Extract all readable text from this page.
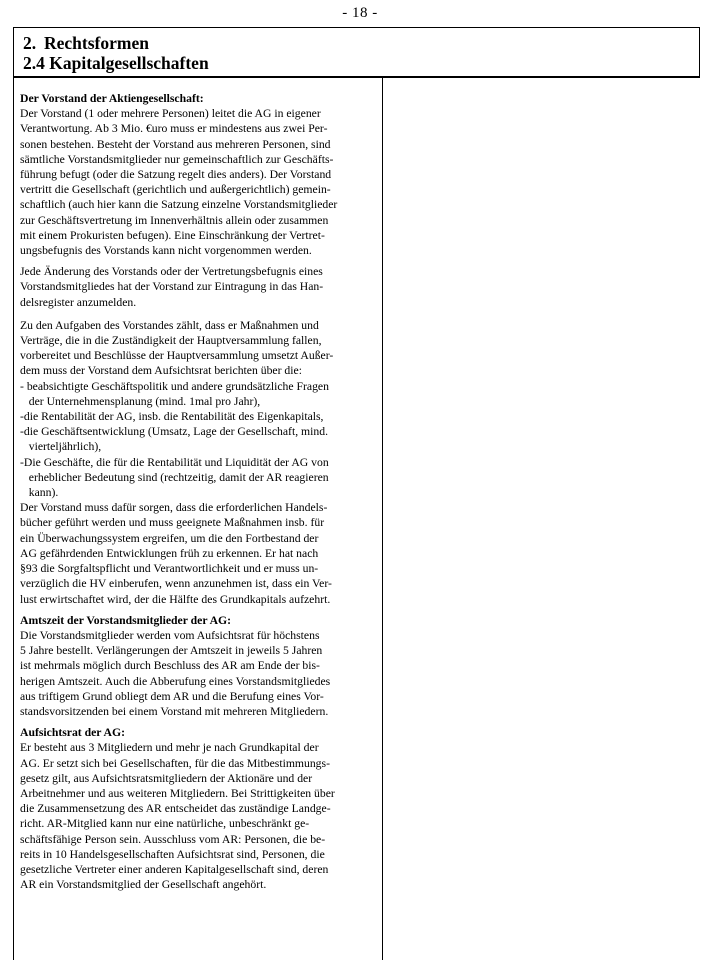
- 18 -
2. Rechtsformen
2.4 Kapitalgesellschaften
Der Vorstand der Aktiengesellschaft:
Der Vorstand (1 oder mehrere Personen) leitet die AG in eigener
Verantwortung. Ab 3 Mio. €uro muss er mindestens aus zwei Per-
sonen bestehen. Besteht der Vorstand aus mehreren Personen, sind
sämtliche Vorstandsmitglieder nur gemeinschaftlich zur Geschäfts-
führung befugt (oder die Satzung regelt dies anders). Der Vorstand
vertritt die Gesellschaft (gerichtlich und außergerichtlich) gemein-
schaftlich (auch hier kann die Satzung einzelne Vorstandsmitglieder
zur Geschäftsvertretung im Innenverhältnis allein oder zusammen
mit einem Prokuristen befugen). Eine Einschränkung der Vertret-
ungsbefugnis des Vorstands kann nicht vorgenommen werden.
Jede Änderung des Vorstands oder der Vertretungsbefugnis eines
Vorstandsmitgliedes hat der Vorstand zur Eintragung in das Han-
delsregister anzumelden.
Zu den Aufgaben des Vorstandes zählt, dass er Maßnahmen und
Verträge, die in die Zuständigkeit der Hauptversammlung fallen,
vorbereitet und Beschlüsse der Hauptversammlung umsetzt Außer-
dem muss der Vorstand dem Aufsichtsrat berichten über die:
- beabsichtigte Geschäftspolitik und andere grundsätzliche Fragen
der Unternehmensplanung (mind. 1mal pro Jahr),
-die Rentabilität der AG, insb. die Rentabilität des Eigenkapitals,
-die Geschäftsentwicklung (Umsatz, Lage der Gesellschaft, mind.
vierteljährlich),
-Die Geschäfte, die für die Rentabilität und Liquidität der AG von
erheblicher Bedeutung sind (rechtzeitig, damit der AR reagieren
kann).
Der Vorstand muss dafür sorgen, dass die erforderlichen Handels-
bücher geführt werden und muss geeignete Maßnahmen insb. für
ein Überwachungssystem ergreifen, um die den Fortbestand der
AG gefährdenden Entwicklungen früh zu erkennen. Er hat nach
§93 die Sorgfaltspflicht und Verantwortlichkeit und er muss un-
verzüglich die HV einberufen, wenn anzunehmen ist, dass ein Ver-
lust erwirtschaftet wird, der die Hälfte des Grundkapitals aufzehrt.
Amtszeit der Vorstandsmitglieder der AG:
Die Vorstandsmitglieder werden vom Aufsichtsrat für höchstens
5 Jahre bestellt. Verlängerungen der Amtszeit in jeweils 5 Jahren
ist mehrmals möglich durch Beschluss des AR am Ende der bis-
herigen Amtszeit. Auch die Abberufung eines Vorstandsmitgliedes
aus triftigem Grund obliegt dem AR und die Berufung eines Vor-
standsvorsitzenden bei einem Vorstand mit mehreren Mitgliedern.
Aufsichtsrat der AG:
Er besteht aus 3 Mitgliedern und mehr je nach Grundkapital der
AG. Er setzt sich bei Gesellschaften, für die das Mitbestimmungs-
gesetz gilt, aus Aufsichtsratsmitgliedern der Aktionäre und der
Arbeitnehmer und aus weiteren Mitgliedern. Bei Strittigkeiten über
die Zusammensetzung des AR entscheidet das zuständige Landge-
richt. AR-Mitglied kann nur eine natürliche, unbeschränkt ge-
schäftsfähige Person sein. Ausschluss vom AR: Personen, die be-
reits in 10 Handelsgesellschaften Aufsichtsrat sind, Personen, die
gesetzliche Vertreter einer anderen Kapitalgesellschaft sind, deren
AR ein Vorstandsmitglied der Gesellschaft angehört.
